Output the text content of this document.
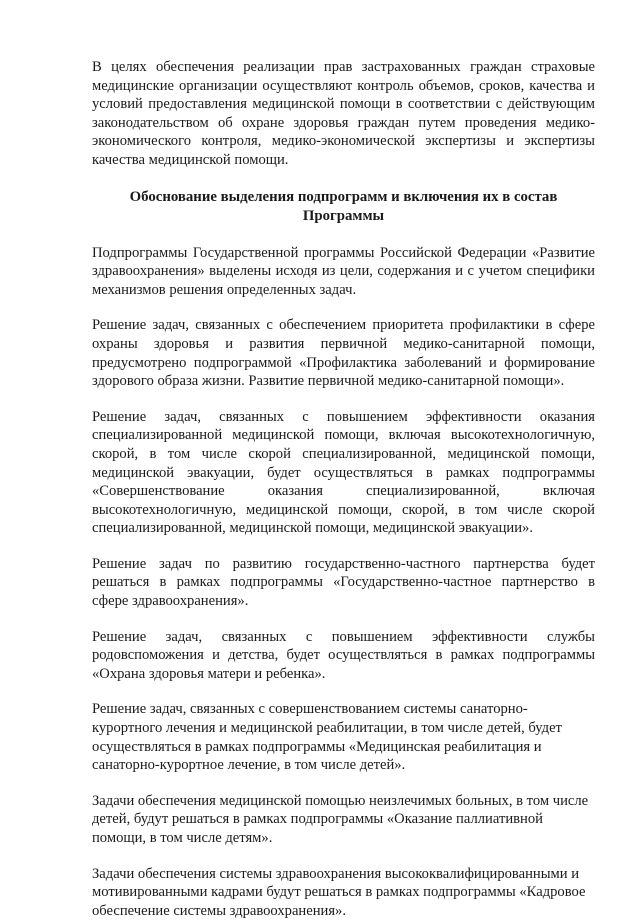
В целях обеспечения реализации прав застрахованных граждан страховые медицинские организации осуществляют контроль объемов, сроков, качества и условий предоставления медицинской помощи в соответствии с действующим законодательством об охране здоровья граждан путем проведения медико-экономического контроля, медико-экономической экспертизы и экспертизы качества медицинской помощи.

Обоснование выделения подпрограмм и включения их в состав Программы

Подпрограммы Государственной программы Российской Федерации «Развитие здравоохранения» выделены исходя из цели, содержания и с учетом специфики механизмов решения определенных задач.

Решение задач, связанных с обеспечением приоритета профилактики в сфере охраны здоровья и развития первичной медико-санитарной помощи, предусмотрено подпрограммой «Профилактика заболеваний и формирование здорового образа жизни. Развитие первичной медико-санитарной помощи».

Решение задач, связанных с повышением эффективности оказания специализированной медицинской помощи, включая высокотехнологичную, скорой, в том числе скорой специализированной, медицинской помощи, медицинской эвакуации, будет осуществляться в рамках подпрограммы «Совершенствование оказания специализированной, включая высокотехнологичную, медицинской помощи, скорой, в том числе скорой специализированной, медицинской помощи, медицинской эвакуации».

Решение задач по развитию государственно-частного партнерства будет решаться в рамках подпрограммы «Государственно-частное партнерство в сфере здравоохранения».

Решение задач, связанных с повышением эффективности службы родовспоможения и детства, будет осуществляться в рамках подпрограммы «Охрана здоровья матери и ребенка».

Решение задач, связанных с совершенствованием системы санаторно-курортного лечения и медицинской реабилитации, в том числе детей, будет осуществляться в рамках подпрограммы «Медицинская реабилитация и санаторно-курортное лечение, в том числе детей».

Задачи обеспечения медицинской помощью неизлечимых больных, в том числе детей, будут решаться в рамках подпрограммы «Оказание паллиативной помощи, в том числе детям».

Задачи обеспечения системы здравоохранения высококвалифицированными и мотивированными кадрами будут решаться в рамках подпрограммы «Кадровое обеспечение системы здравоохранения».
